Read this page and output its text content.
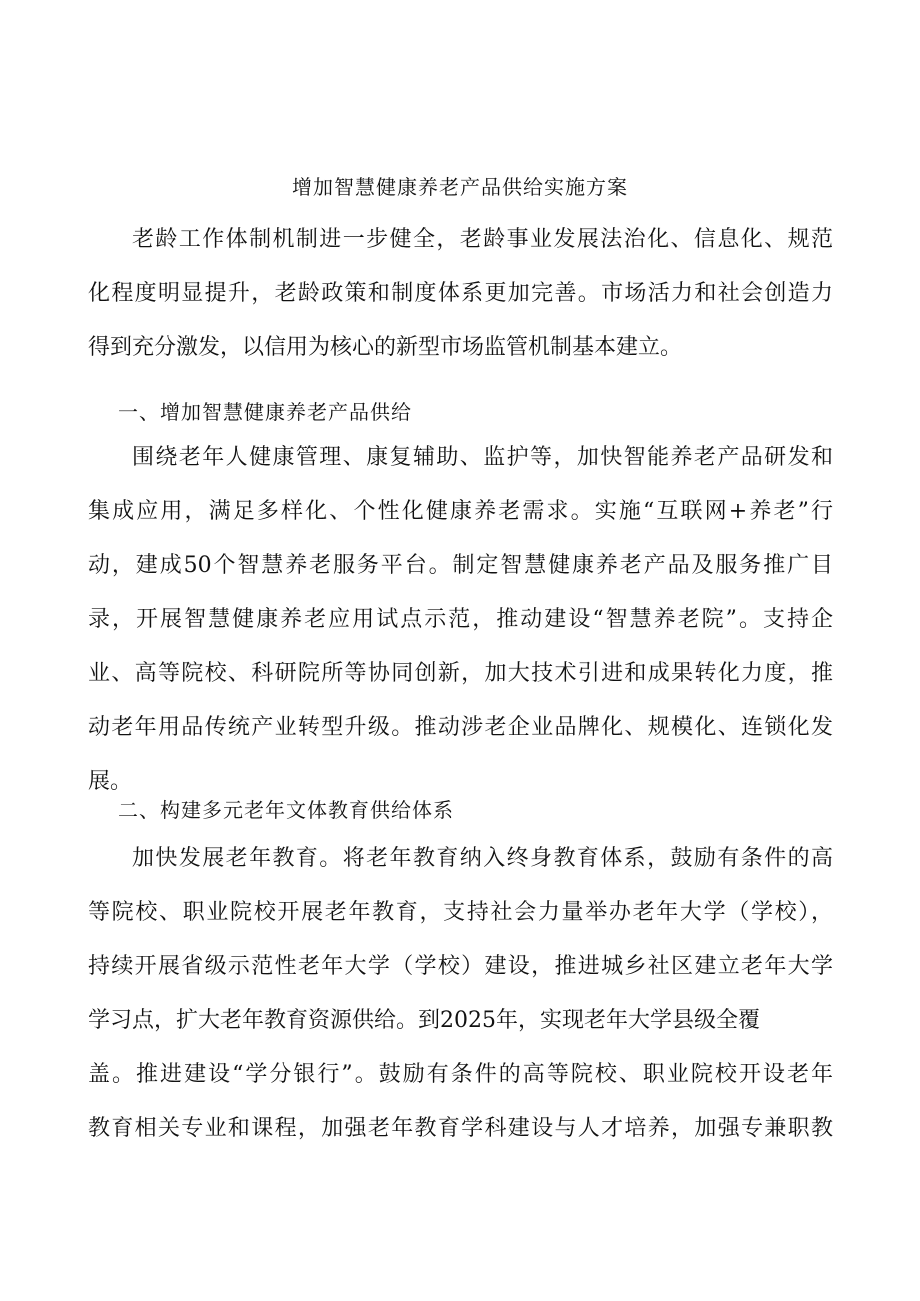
增加智慧健康养老产品供给实施方案
老龄工作体制机制进一步健全，老龄事业发展法治化、信息化、规范
化程度明显提升，老龄政策和制度体系更加完善。市场活力和社会创造力
得到充分激发，以信用为核心的新型市场监管机制基本建立。
一、增加智慧健康养老产品供给
围绕老年人健康管理、康复辅助、监护等，加快智能养老产品研发和
集成应用，满足多样化、个性化健康养老需求。实施“互联网+养老”行
动，建成50个智慧养老服务平台。制定智慧健康养老产品及服务推广目
录，开展智慧健康养老应用试点示范，推动建设“智慧养老院”。支持企
业、高等院校、科研院所等协同创新，加大技术引进和成果转化力度，推
动老年用品传统产业转型升级。推动涉老企业品牌化、规模化、连锁化发
展。
二、构建多元老年文体教育供给体系
加快发展老年教育。将老年教育纳入终身教育体系，鼓励有条件的高
等院校、职业院校开展老年教育，支持社会力量举办老年大学（学校），
持续开展省级示范性老年大学（学校）建设，推进城乡社区建立老年大学
学习点，扩大老年教育资源供给。到2025年，实现老年大学县级全覆
盖。推进建设“学分银行”。鼓励有条件的高等院校、职业院校开设老年
教育相关专业和课程，加强老年教育学科建设与人才培养，加强专兼职教
